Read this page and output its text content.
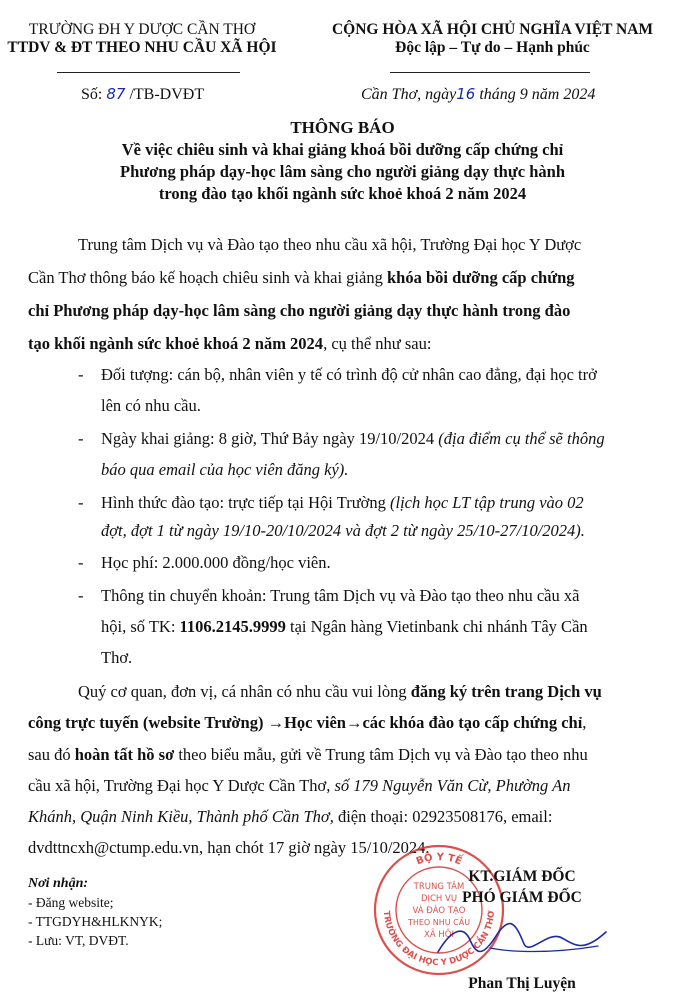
TRƯỜNG ĐH Y DƯỢC CẦN THƠ
TTDV & ĐT THEO NHU CẦU XÃ HỘI
CỘNG HÒA XÃ HỘI CHỦ NGHĨA VIỆT NAM
Độc lập – Tự do – Hạnh phúc
Số: 87 /TB-DVĐT	Cần Thơ, ngày16 tháng 9 năm 2024
THÔNG BÁO
Về việc chiêu sinh và khai giảng khoá bồi dưỡng cấp chứng chỉ
Phương pháp dạy-học lâm sàng cho người giảng dạy thực hành
trong đào tạo khối ngành sức khoẻ khoá 2 năm 2024
Trung tâm Dịch vụ và Đào tạo theo nhu cầu xã hội, Trường Đại học Y Dược
Cần Thơ thông báo kế hoạch chiêu sinh và khai giảng khóa bồi dưỡng cấp chứng
chỉ Phương pháp dạy-học lâm sàng cho người giảng dạy thực hành trong đào
tạo khối ngành sức khoẻ khoá 2 năm 2024, cụ thể như sau:
- Đối tượng: cán bộ, nhân viên y tế có trình độ cử nhân cao đẳng, đại học trở
lên có nhu cầu.
- Ngày khai giảng: 8 giờ, Thứ Bảy ngày 19/10/2024 (địa điểm cụ thể sẽ thông
báo qua email của học viên đăng ký).
- Hình thức đào tạo: trực tiếp tại Hội Trường (lịch học LT tập trung vào 02
đợt, đợt 1 từ ngày 19/10-20/10/2024 và đợt 2 từ ngày 25/10-27/10/2024).
- Học phí: 2.000.000 đồng/học viên.
- Thông tin chuyển khoản: Trung tâm Dịch vụ và Đào tạo theo nhu cầu xã
hội, số TK: 1106.2145.9999 tại Ngân hàng Vietinbank chi nhánh Tây Cần
Thơ.
Quý cơ quan, đơn vị, cá nhân có nhu cầu vui lòng đăng ký trên trang Dịch vụ
công trực tuyến (website Trường) →Học viên→các khóa đào tạo cấp chứng chỉ,
sau đó hoàn tất hồ sơ theo biểu mẫu, gửi về Trung tâm Dịch vụ và Đào tạo theo nhu
cầu xã hội, Trường Đại học Y Dược Cần Thơ, số 179 Nguyễn Văn Cừ, Phường An
Khánh, Quận Ninh Kiều, Thành phố Cần Thơ, điện thoại: 02923508176, email:
dvdttncxh@ctump.edu.vn, hạn chót 17 giờ ngày 15/10/2024.
Nơi nhận:
- Đăng website;
- TTGDYH&HLKNYK;
- Lưu: VT, DVĐT.
BỘ Y TẾ
TRƯỜNG ĐẠI HỌC Y DƯỢC CẦN THƠ
TRUNG TÂM
DỊCH VỤ
VÀ ĐÀO TẠO
THEO NHU CẦU
XÃ HỘI
KT.GIÁM ĐỐC
PHÓ GIÁM ĐỐC
Phan Thị Luyện
